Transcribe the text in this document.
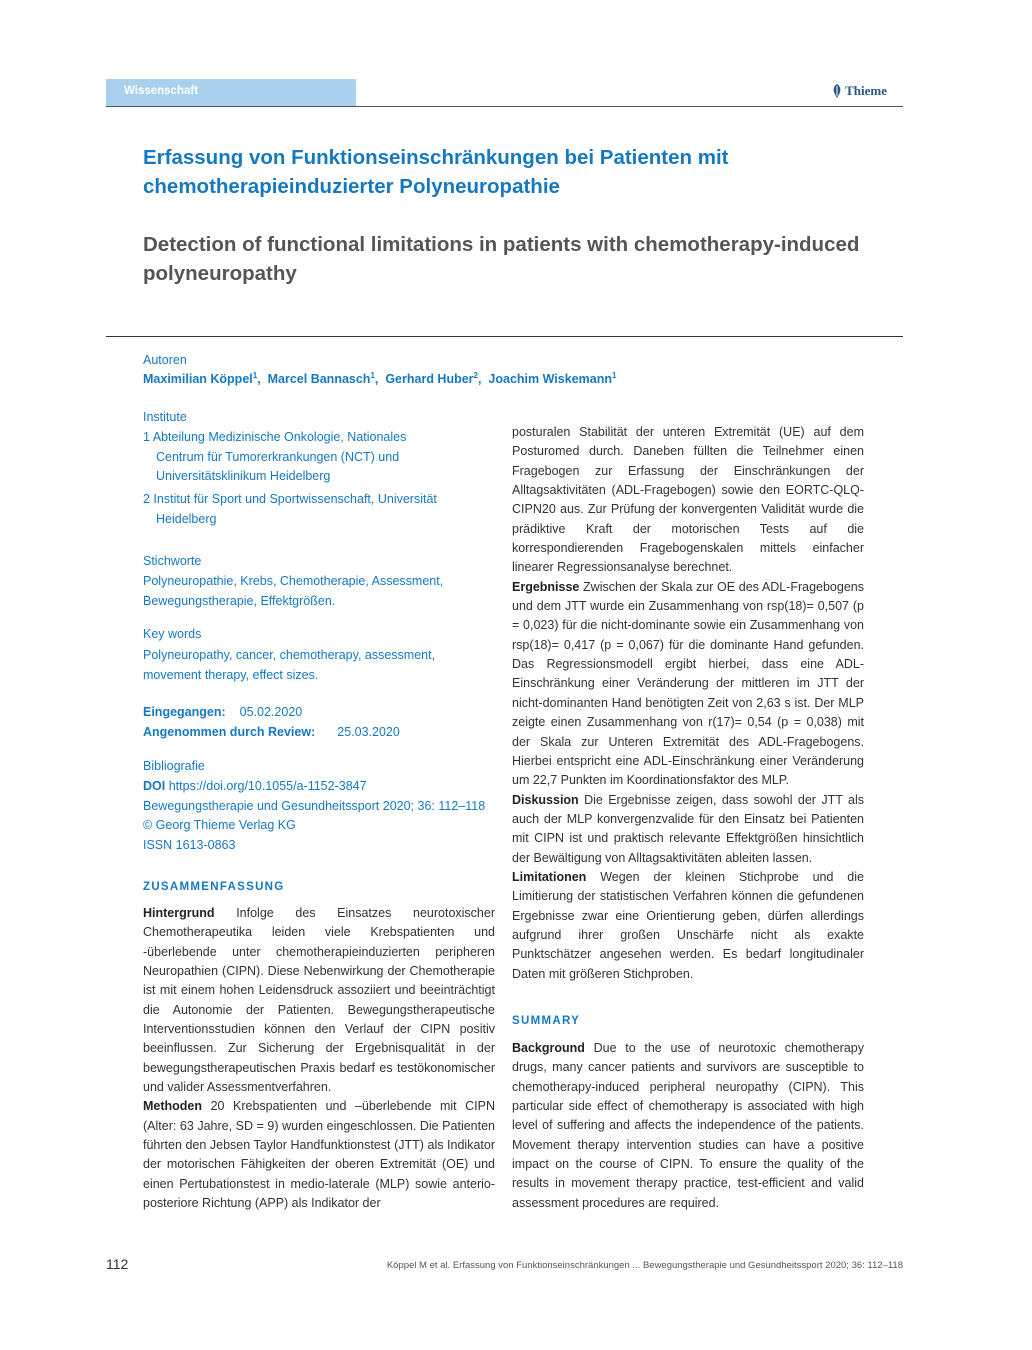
Wissenschaft	Thieme
Erfassung von Funktionseinschränkungen bei Patienten mit chemotherapieinduzierter Polyneuropathie
Detection of functional limitations in patients with chemotherapy-induced polyneuropathy
Autoren
Maximilian Köppel$^1$,  Marcel Bannasch$^1$,  Gerhard Huber$^2$,  Joachim Wiskemann$^1$
Institute
1 Abteilung Medizinische Onkologie, Nationales Centrum für Tumorerkrankungen (NCT) und Universitätsklinikum Heidelberg
2 Institut für Sport und Sportwissenschaft, Universität Heidelberg
Stichworte
Polyneuropathie, Krebs, Chemotherapie, Assessment, Bewegungstherapie, Effektgrößen.
Key words
Polyneuropathy, cancer, chemotherapy, assessment, movement therapy, effect sizes.
Eingegangen: 05.02.2020
Angenommen durch Review: 25.03.2020
Bibliografie
DOI https://doi.org/10.1055/a-1152-3847
Bewegungstherapie und Gesundheitssport 2020; 36: 112–118
© Georg Thieme Verlag KG
ISSN 1613-0863
ZUSAMMENFASSUNG

Hintergrund Infolge des Einsatzes neurotoxischer Chemotherapeutika leiden viele Krebspatienten und -überlebende unter chemotherapieinduzierten peripheren Neuropathien (CIPN). Diese Nebenwirkung der Chemotherapie ist mit einem hohen Leidensdruck assoziiert und beeinträchtigt die Autonomie der Patienten. Bewegungstherapeutische Interventionsstudien können den Verlauf der CIPN positiv beeinflussen. Zur Sicherung der Ergebnisqualität in der bewegungstherapeutischen Praxis bedarf es testökonomischer und valider Assessmentverfahren.

Methoden 20 Krebspatienten und –überlebende mit CIPN (Alter: 63 Jahre, SD = 9) wurden eingeschlossen. Die Patienten führten den Jebsen Taylor Handfunktionstest (JTT) als Indikator der motorischen Fähigkeiten der oberen Extremität (OE) und einen Pertubationstest in medio-laterale (MLP) sowie anterio-posteriore Richtung (APP) als Indikator der

posturalen Stabilität der unteren Extremität (UE) auf dem Posturomed durch. Daneben füllten die Teilnehmer einen Fragebogen zur Erfassung der Einschränkungen der Alltagsaktivitäten (ADL-Fragebogen) sowie den EORTC-QLQ-CIPN20 aus. Zur Prüfung der konvergenten Validität wurde die prädiktive Kraft der motorischen Tests auf die korrespondierenden Fragebogenskalen mittels einfacher linearer Regressionsanalyse berechnet.

Ergebnisse Zwischen der Skala zur OE des ADL-Fragebogens und dem JTT wurde ein Zusammenhang von rsp(18)= 0,507 (p = 0,023) für die nicht-dominante sowie ein Zusammenhang von rsp(18)= 0,417 (p = 0,067) für die dominante Hand gefunden. Das Regressionsmodell ergibt hierbei, dass eine ADL-Einschränkung einer Veränderung der mittleren im JTT der nicht-dominanten Hand benötigten Zeit von 2,63 s ist. Der MLP zeigte einen Zusammenhang von r(17)= 0,54 (p = 0,038) mit der Skala zur Unteren Extremität des ADL-Fragebogens. Hierbei entspricht eine ADL-Einschränkung einer Veränderung um 22,7 Punkten im Koordinationsfaktor des MLP.

Diskussion Die Ergebnisse zeigen, dass sowohl der JTT als auch der MLP konvergenzvalide für den Einsatz bei Patienten mit CIPN ist und praktisch relevante Effektgrößen hinsichtlich der Bewältigung von Alltagsaktivitäten ableiten lassen.

Limitationen Wegen der kleinen Stichprobe und die Limitierung der statistischen Verfahren können die gefundenen Ergebnisse zwar eine Orientierung geben, dürfen allerdings aufgrund ihrer großen Unschärfe nicht als exakte Punktschätzer angesehen werden. Es bedarf longitudinaler Daten mit größeren Stichproben.

SUMMARY

Background Due to the use of neurotoxic chemotherapy drugs, many cancer patients and survivors are susceptible to chemotherapy-induced peripheral neuropathy (CIPN). This particular side effect of chemotherapy is associated with high level of suffering and affects the independence of the patients. Movement therapy intervention studies can have a positive impact on the course of CIPN. To ensure the quality of the results in movement therapy practice, test-efficient and valid assessment procedures are required.

112	Köppel M et al. Erfassung von Funktionseinschränkungen ... Bewegungstherapie und Gesundheitssport 2020; 36: 112–118
